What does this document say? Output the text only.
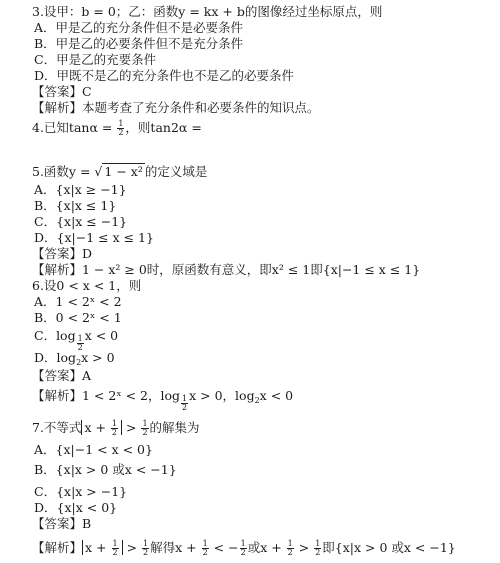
3.设甲：b = 0；乙：函数y = kx + b的图像经过坐标原点，则
A．甲是乙的充分条件但不是必要条件
B．甲是乙的必要条件但不是充分条件
C．甲是乙的充要条件
D．甲既不是乙的充分条件也不是乙的必要条件
【答案】C
【解析】本题考查了充分条件和必要条件的知识点。
4.已知$\tan\alpha = \frac{1}{2}$ ，则tan2α =
5.函数y = √ 1 − x² 的定义域是
A．{x|x ≥ −1}
B．{x|x ≤ 1}
C．{x|x ≤ −1}
D．{x|−1 ≤ x ≤ 1}
【答案】D
【解析】1 − x² ≥ 0时，原函数有意义，即x² ≤ 1即{x|−1 ≤ x ≤ 1}
6.设0 < x < 1，则
A．1 < 2ˣ < 2
B．0 < 2ˣ < 1
C．$\log \frac{1}{2}$ x < 0
D．$\log_2x > 0$
【答案】A
【解析】1 < 2ˣ < 2，$\log \frac{1}{2}$ x > 0，$\log_2x < 0$
7.不等式 $x + \frac{1}{2} > \frac{1}{2}$ 的解集为
A．{x|−1 < x < 0}
B．{x|x > 0 或x < −1}
C．{x|x > −1}
D．{x|x < 0}
【答案】B
【解析】 $x + \frac{1}{2} > \frac{1}{2}$ 解得$x + \frac{1}{2}$ < − $\frac{1}{2}$ 或$x + \frac{1}{2} > \frac{1}{2}$ 即{x|x > 0 或x < −1}
